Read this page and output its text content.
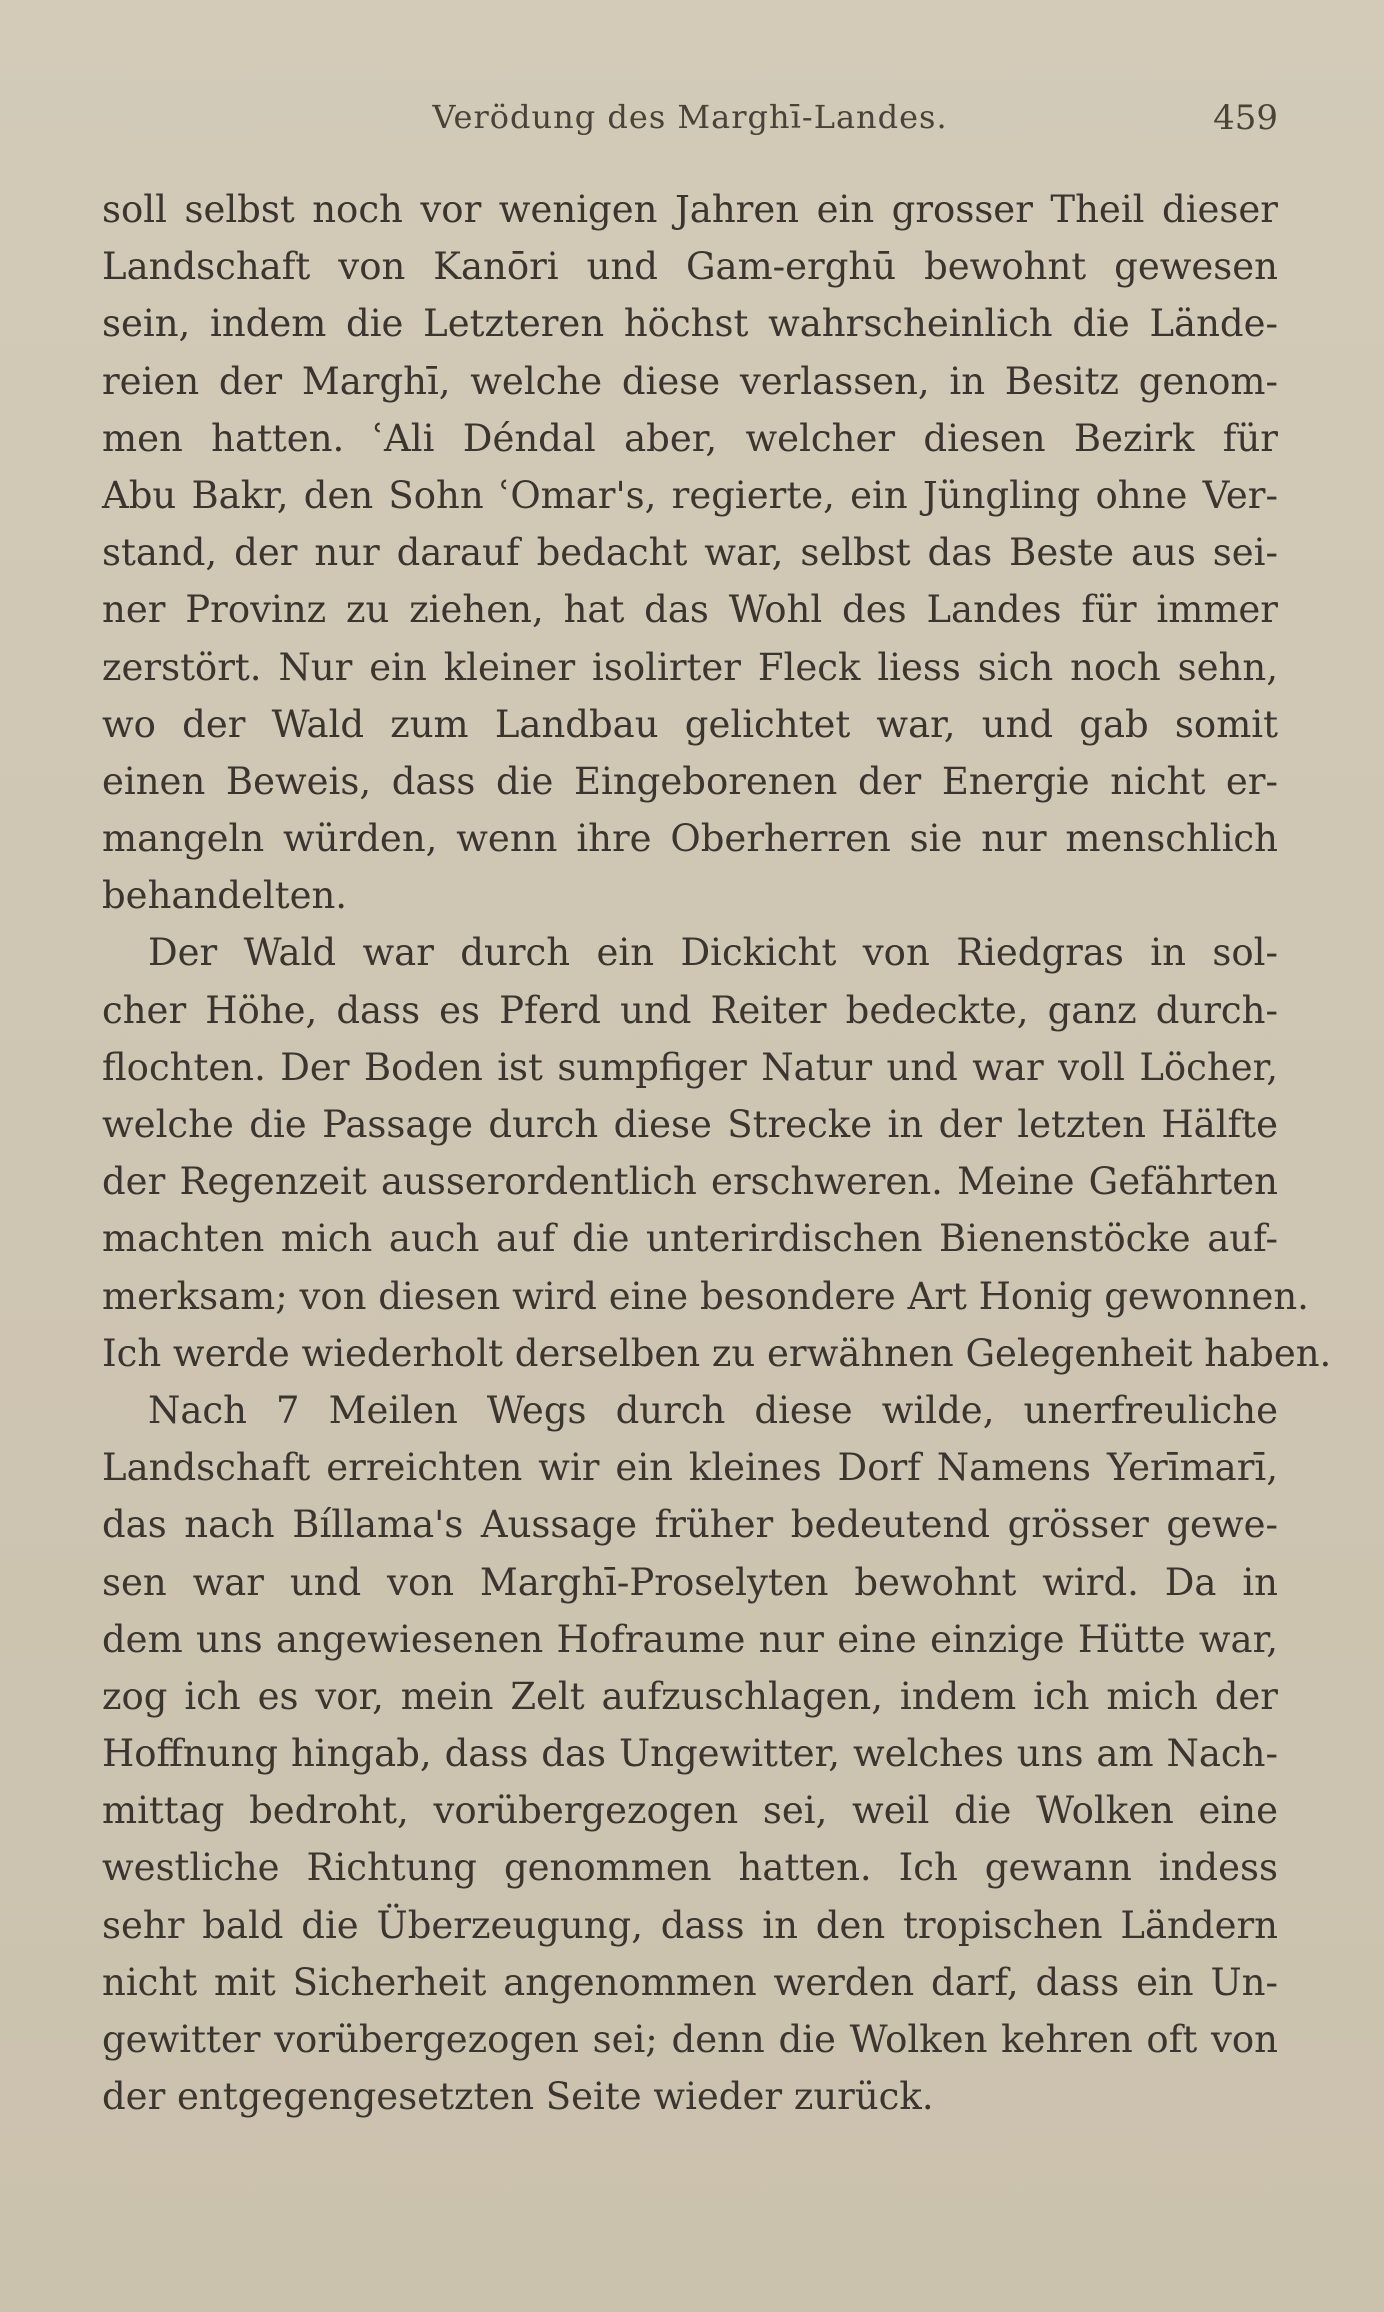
Verödung des Marghī-Landes.	459
soll selbst noch vor wenigen Jahren ein grosser Theil dieser
Landschaft von Kanōri und Gam-erghū bewohnt gewesen
sein, indem die Letzteren höchst wahrscheinlich die Lände-
reien der Marghī, welche diese verlassen, in Besitz genom-
men hatten. ʿAli Déndal aber, welcher diesen Bezirk für
Abu Bakr, den Sohn ʿOmar's, regierte, ein Jüngling ohne Ver-
stand, der nur darauf bedacht war, selbst das Beste aus sei-
ner Provinz zu ziehen, hat das Wohl des Landes für immer
zerstört. Nur ein kleiner isolirter Fleck liess sich noch sehn,
wo der Wald zum Landbau gelichtet war, und gab somit
einen Beweis, dass die Eingeborenen der Energie nicht er-
mangeln würden, wenn ihre Oberherren sie nur menschlich
behandelten.
Der Wald war durch ein Dickicht von Riedgras in sol-
cher Höhe, dass es Pferd und Reiter bedeckte, ganz durch-
flochten. Der Boden ist sumpfiger Natur und war voll Löcher,
welche die Passage durch diese Strecke in der letzten Hälfte
der Regenzeit ausserordentlich erschweren. Meine Gefährten
machten mich auch auf die unterirdischen Bienenstöcke auf-
merksam; von diesen wird eine besondere Art Honig gewonnen.
Ich werde wiederholt derselben zu erwähnen Gelegenheit haben.
Nach 7 Meilen Wegs durch diese wilde, unerfreuliche
Landschaft erreichten wir ein kleines Dorf Namens Yerīmarī,
das nach Bíllama's Aussage früher bedeutend grösser gewe-
sen war und von Marghī-Proselyten bewohnt wird. Da in
dem uns angewiesenen Hofraume nur eine einzige Hütte war,
zog ich es vor, mein Zelt aufzuschlagen, indem ich mich der
Hoffnung hingab, dass das Ungewitter, welches uns am Nach-
mittag bedroht, vorübergezogen sei, weil die Wolken eine
westliche Richtung genommen hatten. Ich gewann indess
sehr bald die Überzeugung, dass in den tropischen Ländern
nicht mit Sicherheit angenommen werden darf, dass ein Un-
gewitter vorübergezogen sei; denn die Wolken kehren oft von
der entgegengesetzten Seite wieder zurück.
